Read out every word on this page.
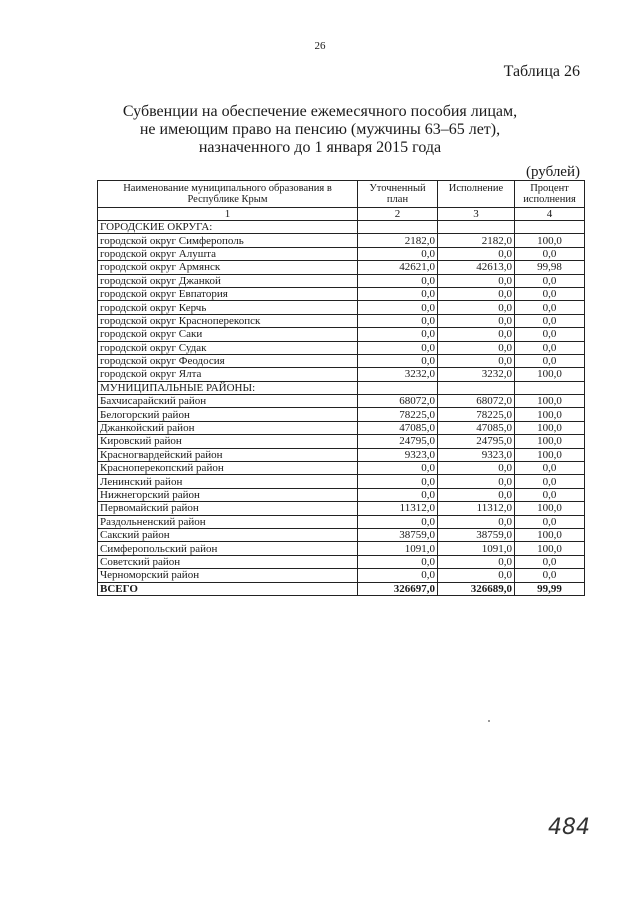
26
Таблица 26
Субвенции на обеспечение ежемесячного пособия лицам,
не имеющим право на пенсию (мужчины 63–65 лет),
назначенного до 1 января 2015 года
(рублей)
Наименование муниципального образования в Республике Крым	Уточненный план	Исполнение	Процент исполнения
1	2	3	4
ГОРОДСКИЕ ОКРУГА:			
городской округ Симферополь	2182,0	2182,0	100,0
городской округ Алушта	0,0	0,0	0,0
городской округ Армянск	42621,0	42613,0	99,98
городской округ Джанкой	0,0	0,0	0,0
городской округ Евпатория	0,0	0,0	0,0
городской округ Керчь	0,0	0,0	0,0
городской округ Красноперекопск	0,0	0,0	0,0
городской округ Саки	0,0	0,0	0,0
городской округ Судак	0,0	0,0	0,0
городской округ Феодосия	0,0	0,0	0,0
городской округ Ялта	3232,0	3232,0	100,0
МУНИЦИПАЛЬНЫЕ РАЙОНЫ:			
Бахчисарайский район	68072,0	68072,0	100,0
Белогорский район	78225,0	78225,0	100,0
Джанкойский район	47085,0	47085,0	100,0
Кировский район	24795,0	24795,0	100,0
Красногвардейский район	9323,0	9323,0	100,0
Красноперекопский район	0,0	0,0	0,0
Ленинский район	0,0	0,0	0,0
Нижнегорский район	0,0	0,0	0,0
Первомайский район	11312,0	11312,0	100,0
Раздольненский район	0,0	0,0	0,0
Сакский район	38759,0	38759,0	100,0
Симферопольский район	1091,0	1091,0	100,0
Советский район	0,0	0,0	0,0
Черноморский район	0,0	0,0	0,0
ВСЕГО	326697,0	326689,0	99,99
484
